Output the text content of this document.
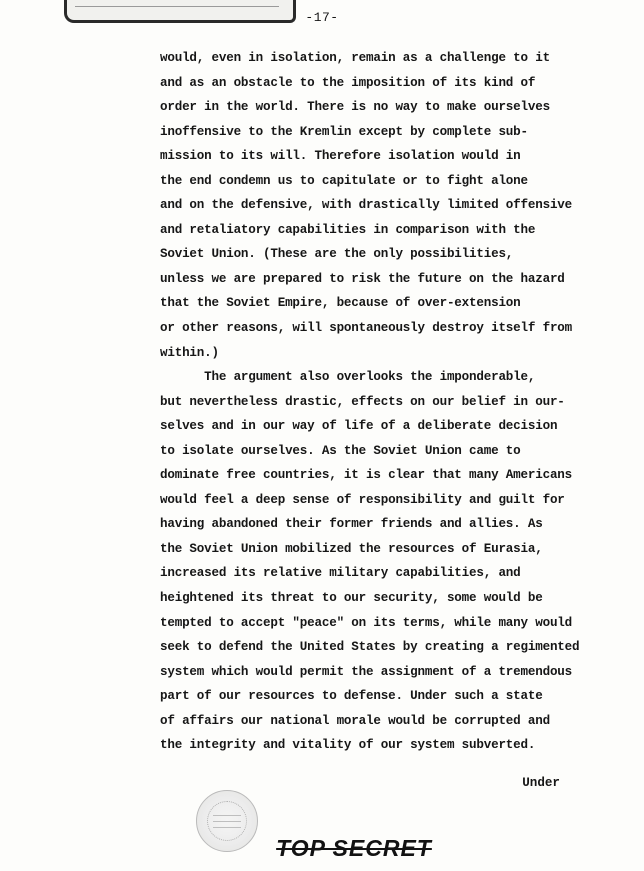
-17-
would, even in isolation, remain as a challenge to it
and as an obstacle to the imposition of its kind of
order in the world. There is no way to make ourselves
inoffensive to the Kremlin except by complete sub-
mission to its will. Therefore isolation would in
the end condemn us to capitulate or to fight alone
and on the defensive, with drastically limited offensive
and retaliatory capabilities in comparison with the
Soviet Union. (These are the only possibilities,
unless we are prepared to risk the future on the hazard
that the Soviet Empire, because of over-extension
or other reasons, will spontaneously destroy itself from
within.)
The argument also overlooks the imponderable,
but nevertheless drastic, effects on our belief in our-
selves and in our way of life of a deliberate decision
to isolate ourselves. As the Soviet Union came to
dominate free countries, it is clear that many Americans
would feel a deep sense of responsibility and guilt for
having abandoned their former friends and allies. As
the Soviet Union mobilized the resources of Eurasia,
increased its relative military capabilities, and
heightened its threat to our security, some would be
tempted to accept "peace" on its terms, while many would
seek to defend the United States by creating a regimented
system which would permit the assignment of a tremendous
part of our resources to defense. Under such a state
of affairs our national morale would be corrupted and
the integrity and vitality of our system subverted.
Under
TOP SECRET
